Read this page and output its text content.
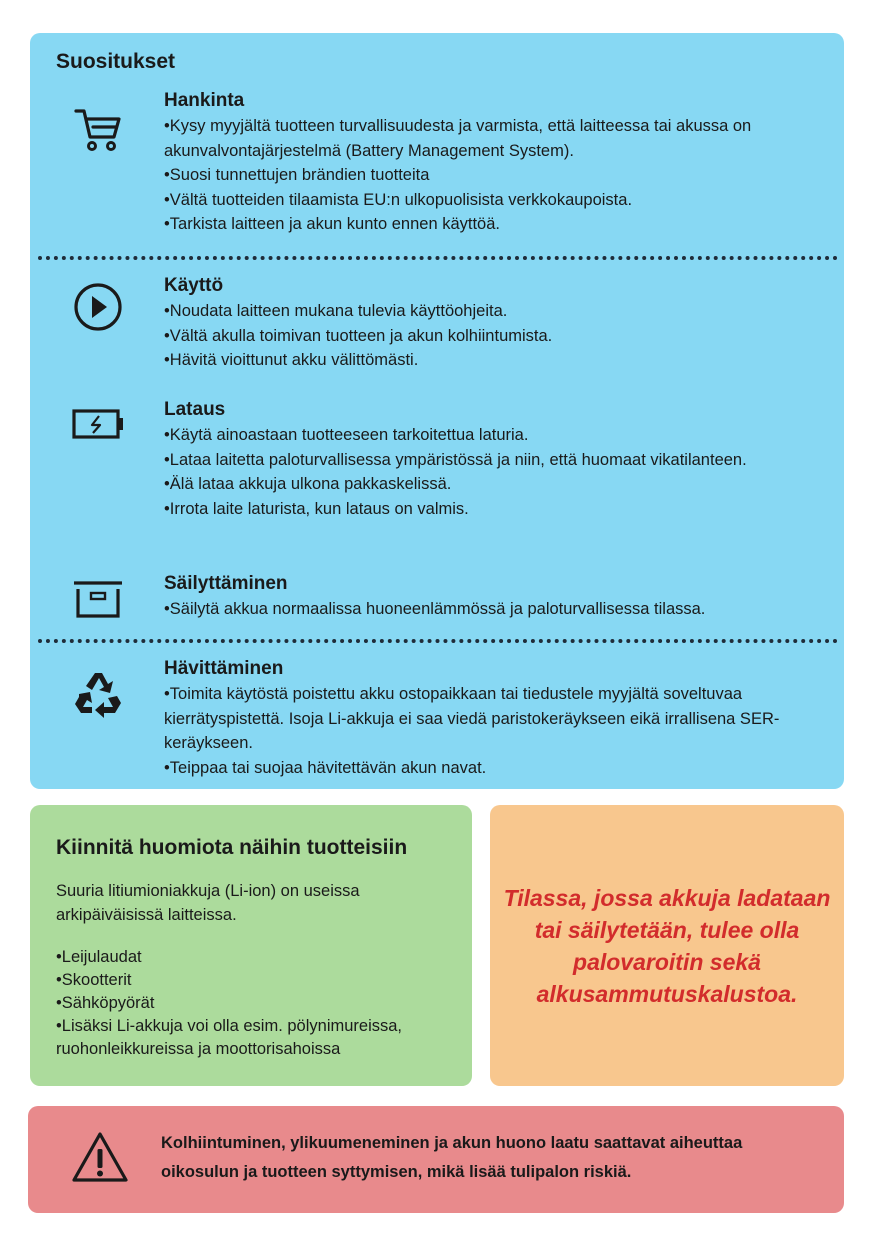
Suositukset
Hankinta
• Kysy myyjältä tuotteen turvallisuudesta ja varmista, että laitteessa tai akussa on akunvalvontajärjestelmä (Battery Management System).
• Suosi tunnettujen brändien tuotteita
• Vältä tuotteiden tilaamista EU:n ulkopuolisista verkkokaupoista.
• Tarkista laitteen ja akun kunto ennen käyttöä.
Käyttö
• Noudata laitteen mukana tulevia käyttöohjeita.
• Vältä akulla toimivan tuotteen ja akun kolhiintumista.
• Hävitä vioittunut akku välittömästi.
Lataus
• Käytä ainoastaan tuotteeseen tarkoitettua laturia.
• Lataa laitetta paloturvallisessa ympäristössä ja niin, että huomaat vikatilanteen.
• Älä lataa akkuja ulkona pakkaskelissä.
• Irrota laite laturista, kun lataus on valmis.
Säilyttäminen
• Säilytä akkua normaalissa huoneenlämmössä ja paloturvallisessa tilassa.
Hävittäminen
• Toimita käytöstä poistettu akku ostopaikkaan tai tiedustele myyjältä soveltuvaa kierrätyspistettä. Isoja Li-akkuja ei saa viedä paristokeräykseen eikä irrallisena SER-keräykseen.
• Teippaa tai suojaa hävitettävän akun navat.
Kiinnitä huomiota näihin tuotteisiin

Suuria litiumioniakkuja (Li-ion) on useissa arkipäiväisissä laitteissa.

• Leijulaudat
• Skootterit
• Sähköpyörät
• Lisäksi Li-akkuja voi olla esim. pölynimureissa, ruohonleikkureissa ja moottorisahoissa
Tilassa, jossa akkuja ladataan tai säilytetään, tulee olla palovaroitin sekä alkusammutuskalustoa.
Kolhiintuminen, ylikuumeneminen ja akun huono laatu saattavat aiheuttaa oikosulun ja tuotteen syttymisen, mikä lisää tulipalon riskiä.
